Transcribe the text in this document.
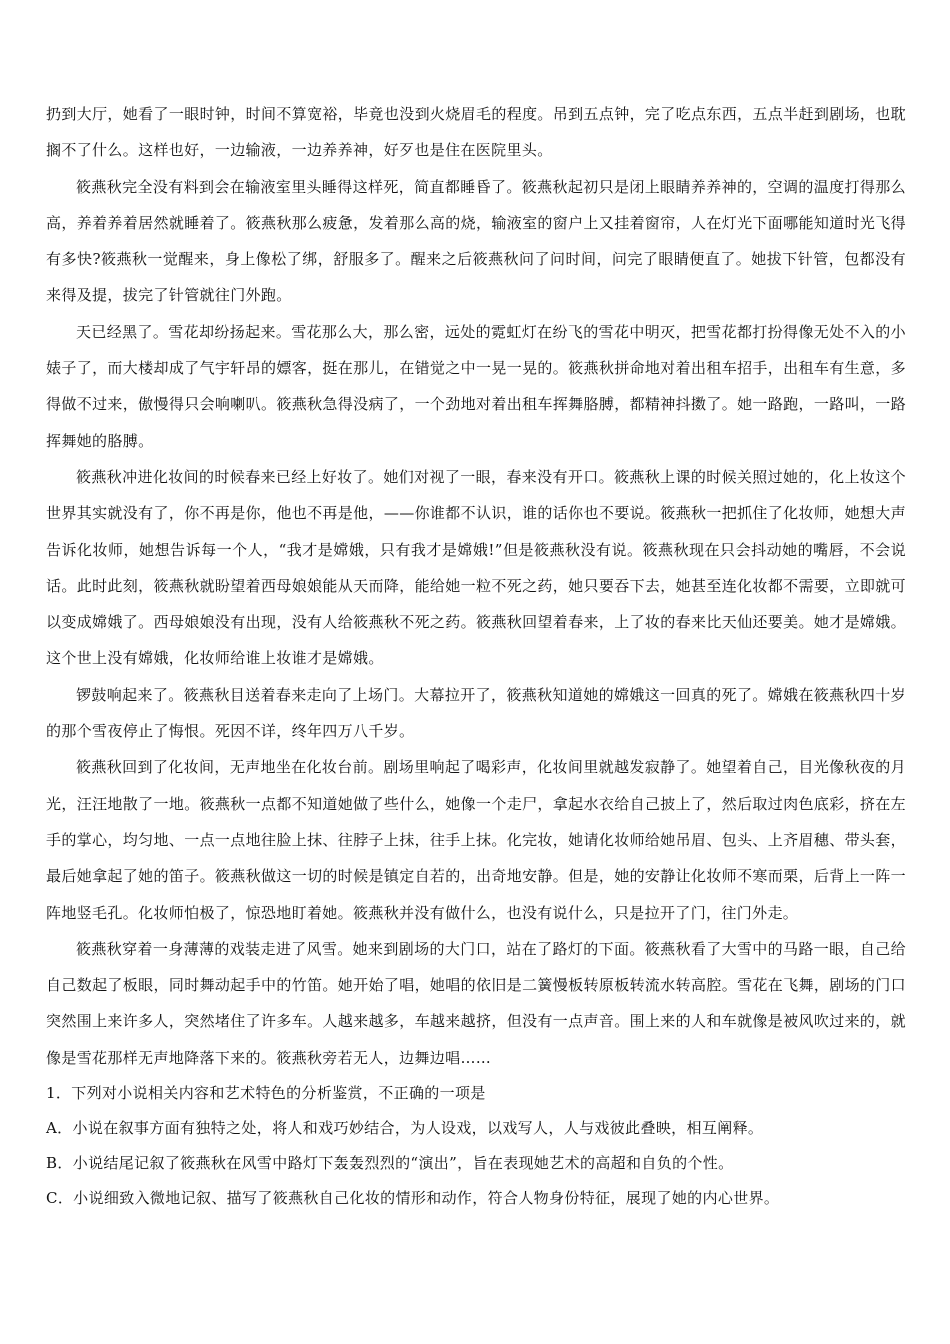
扔到大厅，她看了一眼时钟，时间不算宽裕，毕竟也没到火烧眉毛的程度。吊到五点钟，完了吃点东西，五点半赶到剧场，也耽搁不了什么。这样也好，一边输液，一边养养神，好歹也是住在医院里头。

筱燕秋完全没有料到会在输液室里头睡得这样死，简直都睡昏了。筱燕秋起初只是闭上眼睛养养神的，空调的温度打得那么高，养着养着居然就睡着了。筱燕秋那么疲惫，发着那么高的烧，输液室的窗户上又挂着窗帘，人在灯光下面哪能知道时光飞得有多快?筱燕秋一觉醒来，身上像松了绑，舒服多了。醒来之后筱燕秋问了问时间，问完了眼睛便直了。她拔下针管，包都没有来得及提，拔完了针管就往门外跑。

天已经黑了。雪花却纷扬起来。雪花那么大，那么密，远处的霓虹灯在纷飞的雪花中明灭，把雪花都打扮得像无处不入的小婊子了，而大楼却成了气宇轩昂的嫖客，挺在那儿，在错觉之中一晃一晃的。筱燕秋拼命地对着出租车招手，出租车有生意，多得做不过来，傲慢得只会响喇叭。筱燕秋急得没病了，一个劲地对着出租车挥舞胳膊，都精神抖擞了。她一路跑，一路叫，一路挥舞她的胳膊。

筱燕秋冲进化妆间的时候春来已经上好妆了。她们对视了一眼，春来没有开口。筱燕秋上课的时候关照过她的，化上妆这个世界其实就没有了，你不再是你，他也不再是他，——你谁都不认识，谁的话你也不要说。筱燕秋一把抓住了化妆师，她想大声告诉化妆师，她想告诉每一个人，“我才是嫦娥，只有我才是嫦娥!”但是筱燕秋没有说。筱燕秋现在只会抖动她的嘴唇，不会说话。此时此刻，筱燕秋就盼望着西母娘娘能从天而降，能给她一粒不死之药，她只要吞下去，她甚至连化妆都不需要，立即就可以变成嫦娥了。西母娘娘没有出现，没有人给筱燕秋不死之药。筱燕秋回望着春来，上了妆的春来比天仙还要美。她才是嫦娥。这个世上没有嫦娥，化妆师给谁上妆谁才是嫦娥。

锣鼓响起来了。筱燕秋目送着春来走向了上场门。大幕拉开了，筱燕秋知道她的嫦娥这一回真的死了。嫦娥在筱燕秋四十岁的那个雪夜停止了悔恨。死因不详，终年四万八千岁。

筱燕秋回到了化妆间，无声地坐在化妆台前。剧场里响起了喝彩声，化妆间里就越发寂静了。她望着自己，目光像秋夜的月光，汪汪地散了一地。筱燕秋一点都不知道她做了些什么，她像一个走尸，拿起水衣给自己披上了，然后取过肉色底彩，挤在左手的掌心，均匀地、一点一点地往脸上抹、往脖子上抹，往手上抹。化完妆，她请化妆师给她吊眉、包头、上齐眉穗、带头套，最后她拿起了她的笛子。筱燕秋做这一切的时候是镇定自若的，出奇地安静。但是，她的安静让化妆师不寒而栗，后背上一阵一阵地竖毛孔。化妆师怕极了，惊恐地盯着她。筱燕秋并没有做什么，也没有说什么，只是拉开了门，往门外走。

筱燕秋穿着一身薄薄的戏装走进了风雪。她来到剧场的大门口，站在了路灯的下面。筱燕秋看了大雪中的马路一眼，自己给自己数起了板眼，同时舞动起手中的竹笛。她开始了唱，她唱的依旧是二簧慢板转原板转流水转高腔。雪花在飞舞，剧场的门口突然围上来许多人，突然堵住了许多车。人越来越多，车越来越挤，但没有一点声音。围上来的人和车就像是被风吹过来的，就像是雪花那样无声地降落下来的。筱燕秋旁若无人，边舞边唱……

1．下列对小说相关内容和艺术特色的分析鉴赏，不正确的一项是

A．小说在叙事方面有独特之处，将人和戏巧妙结合，为人设戏，以戏写人，人与戏彼此叠映，相互阐释。

B．小说结尾记叙了筱燕秋在风雪中路灯下轰轰烈烈的“演出”，旨在表现她艺术的高超和自负的个性。

C．小说细致入微地记叙、描写了筱燕秋自己化妆的情形和动作，符合人物身份特征，展现了她的内心世界。
